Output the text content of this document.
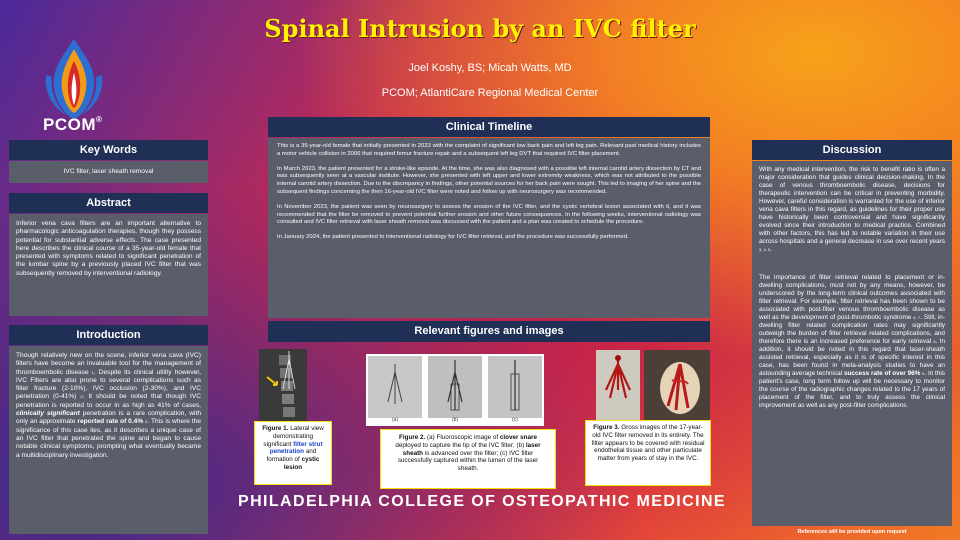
PCOM®
Spinal Intrusion by an IVC filter
Joel Koshy, BS; Micah Watts, MD
PCOM; AtlantiCare Regional Medical Center
Key Words
IVC filter, laser sheath removal
Abstract
Inferior vena cava filters are an important alternative to pharmacologic anticoagulation therapies, though they possess potential for substantial adverse effects. The case presented here describes the clinical course of a 35-year-old female that presented with symptoms related to significant penetration of the lumbar spine by a previously placed IVC filter that was subsequently removed by interventional radiology.
Introduction
Though relatively new on the scene, inferior vena cava (IVC) filters have become an invaluable tool for the management of thromboembolic disease $^1$. Despite its clinical utility however, IVC Filters are also prone to several complications such as filter fracture (2-10%), IVC occlusion (2-30%), and IVC penetration (0-41%) $^2$. It should be noted that though IVC penetration is reported to occur in as high as 41% of cases, clinically significant penetration is a rare complication, with only an approximate reported rate of 0.4% $^2$. This is where the significance of this case lies, as it describes a unique case of an IVC filter that penetrated the spine and began to cause notable clinical symptoms, prompting what eventually became a multidisciplinary investigation.
Clinical Timeline

This is a 35-year-old female that initially presented in 2023 with the complaint of significant low back pain and left leg pain. Relevant past medical history includes a motor vehicle collision in 2006 that required femur fracture repair and a subsequent left leg DVT that required IVC filter placement.

In March 2023, the patient presented for a stroke-like episode. At the time, she was also diagnosed with a possible left internal carotid artery dissection by CT and was subsequently seen at a vascular institute. However, she presented with left upper and lower extremity weakness, which was not attributed to the possible internal carotid artery dissection. Due to the discrepancy in findings, other potential sources for her back pain were sought. This led to imaging of her spine and the subsequent findings concerning the then 16-year-old IVC filter were noted and follow up with neurosurgery was recommended.

In November 2023, the patient was seen by neurosurgery to assess the erosion of the IVC filter, and the cystic vertebral lesion associated with it, and it was recommended that the filter be removed to prevent potential further erosion and other future consequences. In the following weeks, interventional radiology was consulted and IVC filter retrieval with laser sheath removal was discussed with the patient and a plan was created to schedule the procedure.

In January 2024, the patient presented to interventional radiology for IVC filter retrieval, and the procedure was successfully performed.

Relevant figures and images
Figure 1. Lateral view demonstrating significant filter strut penetration and formation of cystic lesion
(a)	(b)	(c)
Figure 2. (a) Fluoroscopic image of clover snare deployed to capture the tip of the IVC filter; (b) laser sheath is advanced over the filter; (c) IVC filter successfully captured within the lumen of the laser sheath.
Figure 3. Gross images of the 17-year-old IVC filter removed in its entirety. The filter appears to be covered with residual endothelial tissue and other particulate matter from years of stay in the IVC.
PHILADELPHIA COLLEGE OF OSTEOPATHIC MEDICINE
Discussion

With any medical intervention, the risk to benefit ratio is often a major consideration that guides clinical decision-making. In the case of venous thromboembolic disease, decisions for therapeutic intervention can be critical in preventing morbidity. However, careful consideration is warranted for the use of inferior vena cava filters in this regard, as guidelines for their proper use have historically been controversial and have significantly evolved since their introduction to medical practice. Combined with other factors, this has led to notable variation in their use across hospitals and a general decrease in use over recent years $^{3, 4, 5}$.

The importance of filter retrieval related to placement or in-dwelling complications, must not by any means, however, be underscored by the long-term clinical outcomes associated with filter retrieval. For example, filter retrieval has been shown to be associated with post-filter venous thromboembolic disease as well as the development of post-thrombotic syndrome $^{6, 7}$. Still, in-dwelling filter related complication rates may significantly outweigh the burden of filter retrieval related complications, and therefore there is an increased preference for early retrieval $^8$. In addition, it should be noted in this regard that laser-sheath assisted retrieval, especially as it is of specific interest in this case, has been found in meta-analysis studies to have an astounding average technical success rate of over 96% $^9$. In this patient's case, long term follow up will be necessary to monitor the course of the radiographic changes related to the 17 years of placement of the filter, and to truly assess the clinical improvement as well as any post-filter complications.

References will be provided upon request
